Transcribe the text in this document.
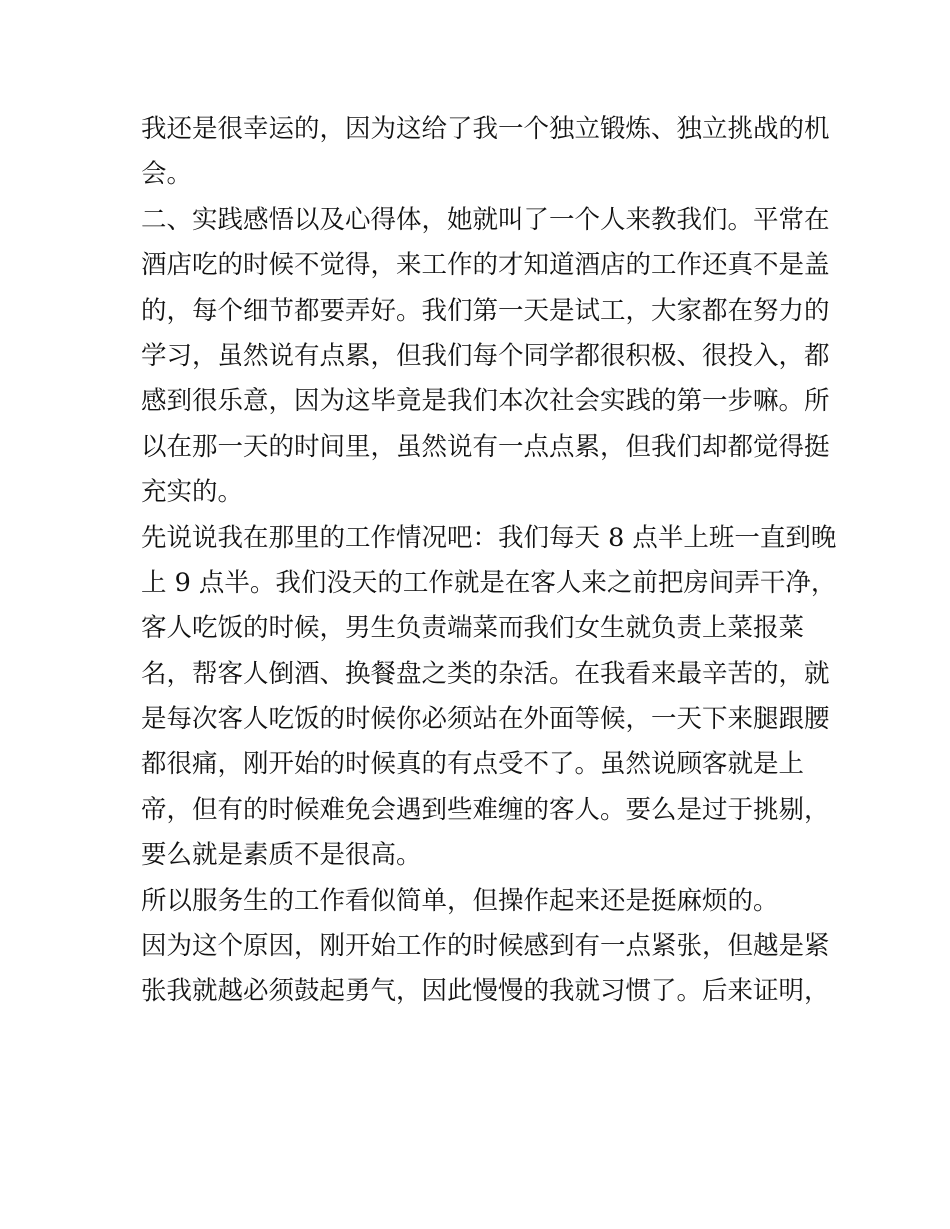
我还是很幸运的，因为这给了我一个独立锻炼、独立挑战的机
会。
二、实践感悟以及心得体，她就叫了一个人来教我们。平常在
酒店吃的时候不觉得，来工作的才知道酒店的工作还真不是盖
的，每个细节都要弄好。我们第一天是试工，大家都在努力的
学习，虽然说有点累，但我们每个同学都很积极、很投入，都
感到很乐意，因为这毕竟是我们本次社会实践的第一步嘛。所
以在那一天的时间里，虽然说有一点点累，但我们却都觉得挺
充实的。
先说说我在那里的工作情况吧：我们每天 8 点半上班一直到晚
上 9 点半。我们没天的工作就是在客人来之前把房间弄干净，
客人吃饭的时候，男生负责端菜而我们女生就负责上菜报菜
名，帮客人倒酒、换餐盘之类的杂活。在我看来最辛苦的，就
是每次客人吃饭的时候你必须站在外面等候，一天下来腿跟腰
都很痛，刚开始的时候真的有点受不了。虽然说顾客就是上
帝，但有的时候难免会遇到些难缠的客人。要么是过于挑剔，
要么就是素质不是很高。
所以服务生的工作看似简单，但操作起来还是挺麻烦的。
因为这个原因，刚开始工作的时候感到有一点紧张，但越是紧
张我就越必须鼓起勇气，因此慢慢的我就习惯了。后来证明，
